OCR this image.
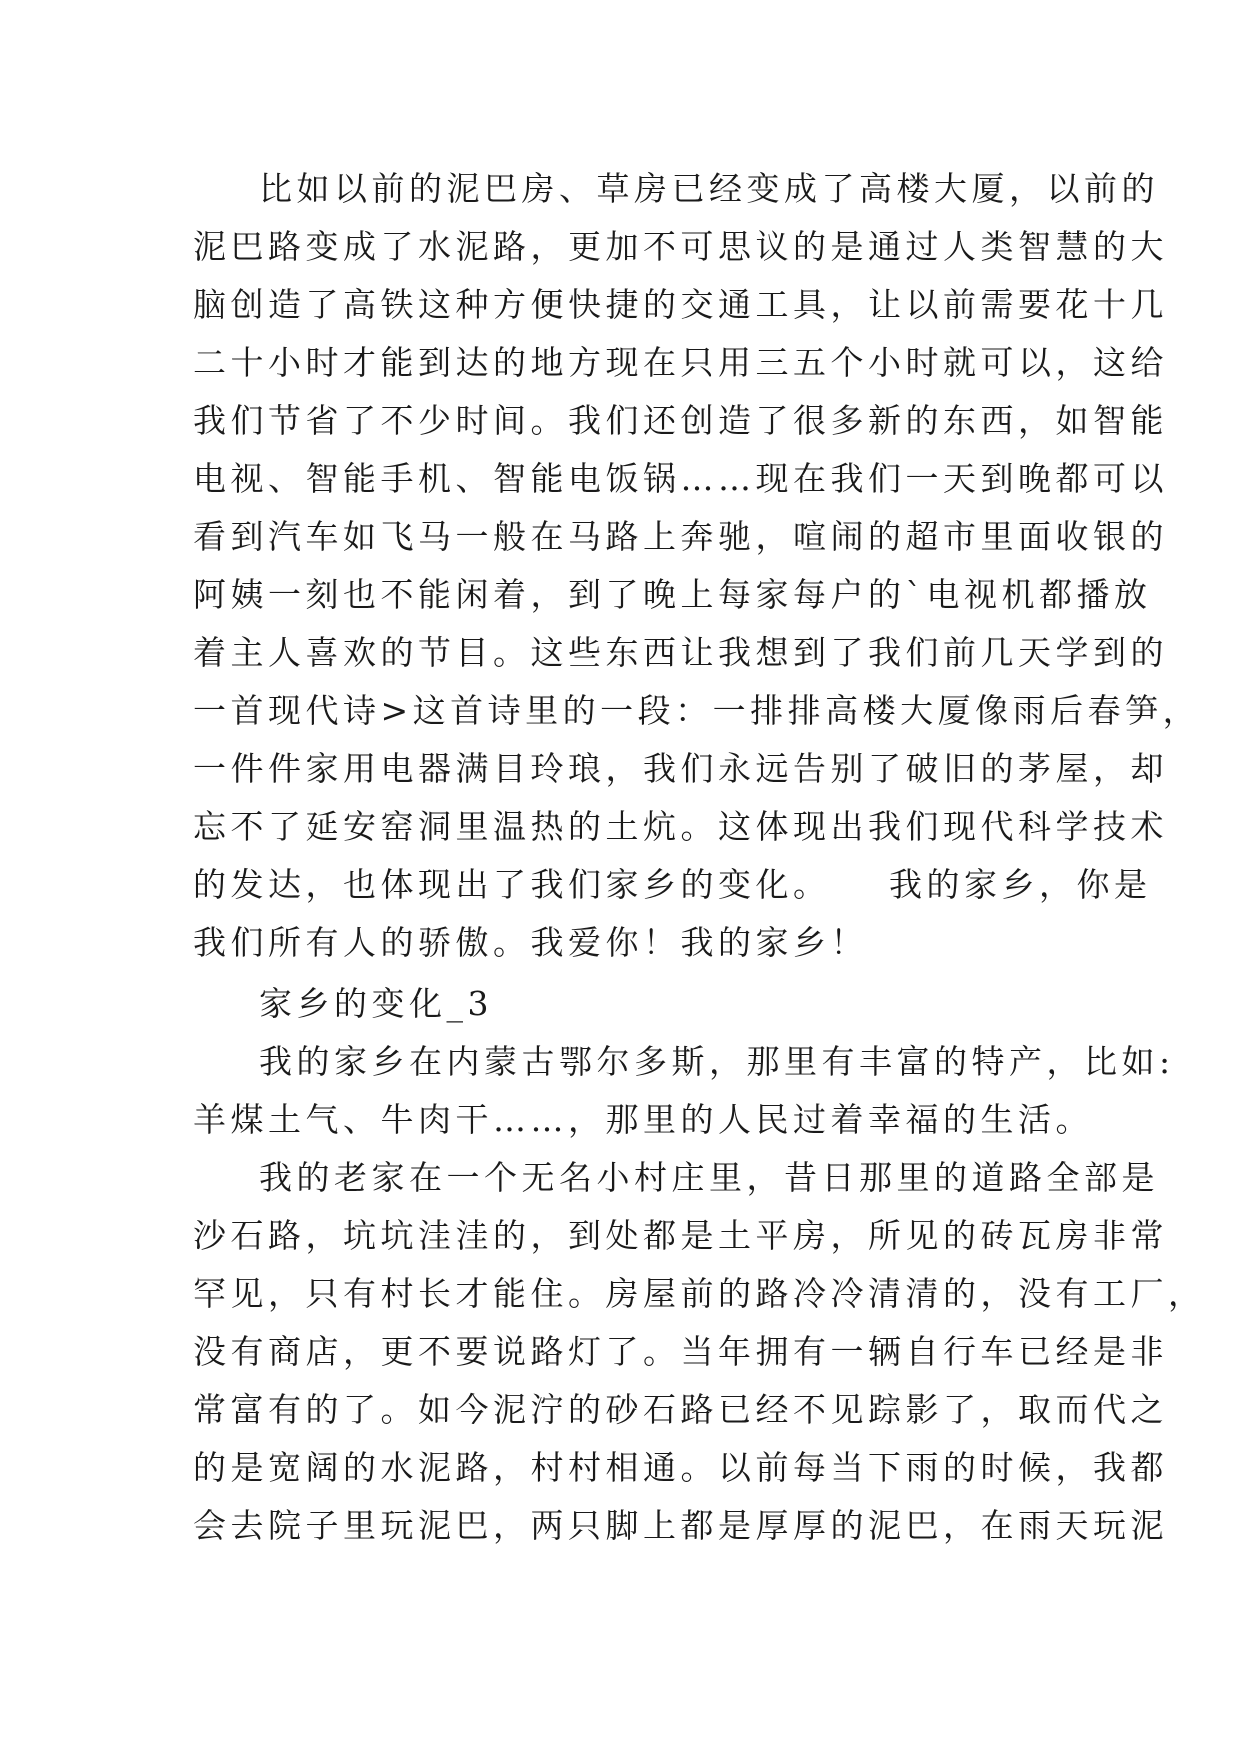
比如以前的泥巴房、草房已经变成了高楼大厦，以前的
泥巴路变成了水泥路，更加不可思议的是通过人类智慧的大
脑创造了高铁这种方便快捷的交通工具，让以前需要花十几
二十小时才能到达的地方现在只用三五个小时就可以，这给
我们节省了不少时间。我们还创造了很多新的东西，如智能
电视、智能手机、智能电饭锅……现在我们一天到晚都可以
看到汽车如飞马一般在马路上奔驰，喧闹的超市里面收银的
阿姨一刻也不能闲着，到了晚上每家每户的`电视机都播放
着主人喜欢的节目。这些东西让我想到了我们前几天学到的
一首现代诗>这首诗里的一段：一排排高楼大厦像雨后春笋，
一件件家用电器满目玲琅，我们永远告别了破旧的茅屋，却
忘不了延安窑洞里温热的土炕。这体现出我们现代科学技术
的发达，也体现出了我们家乡的变化。　　我的家乡，你是
我们所有人的骄傲。我爱你！我的家乡！
家乡的变化_3
我的家乡在内蒙古鄂尔多斯，那里有丰富的特产，比如:
羊煤土气、牛肉干……，那里的人民过着幸福的生活。
我的老家在一个无名小村庄里，昔日那里的道路全部是
沙石路，坑坑洼洼的，到处都是土平房，所见的砖瓦房非常
罕见，只有村长才能住。房屋前的路冷冷清清的，没有工厂，
没有商店，更不要说路灯了。当年拥有一辆自行车已经是非
常富有的了。如今泥泞的砂石路已经不见踪影了，取而代之
的是宽阔的水泥路，村村相通。以前每当下雨的时候，我都
会去院子里玩泥巴，两只脚上都是厚厚的泥巴，在雨天玩泥
